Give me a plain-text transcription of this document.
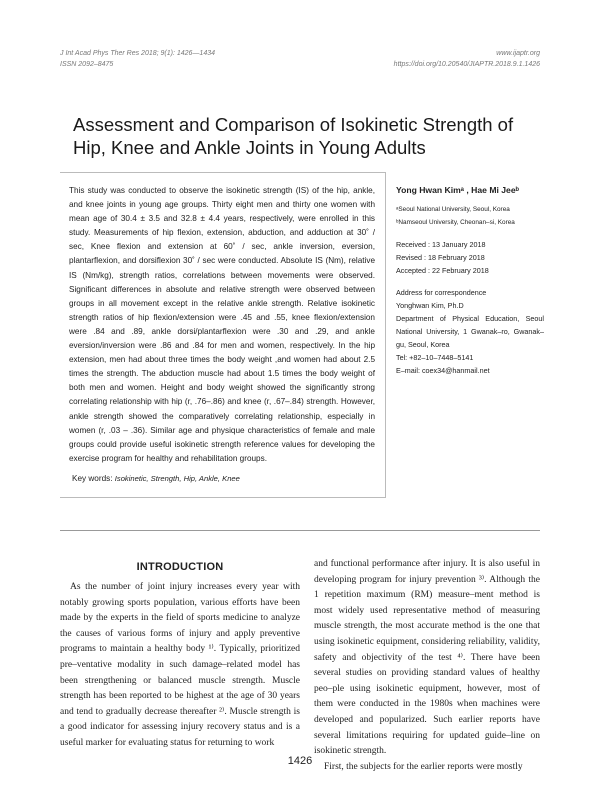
J Int Acad Phys Ther Res 2018; 9(1): 1426—1434
ISSN 2092–8475
www.ijaptr.org
https://doi.org/10.20540/JIAPTR.2018.9.1.1426
Assessment and Comparison of Isokinetic Strength of Hip, Knee and Ankle Joints in Young Adults
This study was conducted to observe the isokinetic strength (IS) of the hip, ankle, and knee joints in young age groups. Thirty eight men and thirty one women with mean age of 30.4 ± 3.5 and 32.8 ± 4.4 years, respectively, were enrolled in this study. Measurements of hip flexion, extension, abduction, and adduction at 30˚ / sec, Knee flexion and extension at 60˚ / sec, ankle inversion, eversion, plantarflexion, and dorsiflexion 30˚ / sec were conducted. Absolute IS (Nm), relative IS (Nm/kg), strength ratios, correlations between movements were observed. Significant differences in absolute and relative strength were observed between groups in all movement except in the relative ankle strength. Relative isokinetic strength ratios of hip flexion/extension were .45 and .55, knee flexion/extension were .84 and .89, ankle dorsi/plantarflexion were .30 and .29, and ankle eversion/inversion were .86 and .84 for men and women, respectively. In the hip extension, men had about three times the body weight ,and women had about 2.5 times the strength. The abduction muscle had about 1.5 times the body weight of both men and women. Height and body weight showed the significantly strong correlating relationship with hip (r, .76–.86) and knee (r, .67–.84) strength. However, ankle strength showed the comparatively correlating relationship, especially in women (r, .03 – .36). Similar age and physique characteristics of female and male groups could provide useful isokinetic strength reference values for developing the exercise program for healthy and rehabilitation groups.
Key words: Isokinetic, Strength, Hip, Ankle, Knee
Yong Hwan Kimᵃ , Hae Mi Jeeᵇ
ᵃSeoul National University, Seoul, Korea
ᵇNamseoul University, Cheonan–si, Korea
Received : 13 January 2018
Revised : 18 February 2018
Accepted : 22 February 2018
Address for correspondence
Yonghwan Kim, Ph.D
Department of Physical Education, Seoul National University, 1 Gwanak–ro, Gwanak–gu, Seoul, Korea
Tel: +82–10–7448–5141
E–mail: coex34@hanmail.net
INTRODUCTION
As the number of joint injury increases every year with notably growing sports population, various efforts have been made by the experts in the field of sports medicine to analyze the causes of various forms of injury and apply preventive programs to maintain a healthy body ¹⁾. Typically, prioritized pre–ventative modality in such damage–related model has been strengthening or balanced muscle strength. Muscle strength has been reported to be highest at the age of 30 years and tend to gradually decrease thereafter ²⁾. Muscle strength is a good indicator for assessing injury recovery status and is a useful marker for evaluating status for returning to work
and functional performance after injury. It is also useful in developing program for injury prevention ³⁾. Although the 1 repetition maximum (RM) measure–ment method is most widely used representative method of measuring muscle strength, the most accurate method is the one that using isokinetic equipment, considering reliability, validity, safety and objectivity of the test ⁴⁾. There have been several studies on providing standard values of healthy peo–ple using isokinetic equipment, however, most of them were conducted in the 1980s when machines were developed and popularized. Such earlier reports have several limitations requiring for updated guide–line on isokinetic strength.
First, the subjects for the earlier reports were mostly
1426
